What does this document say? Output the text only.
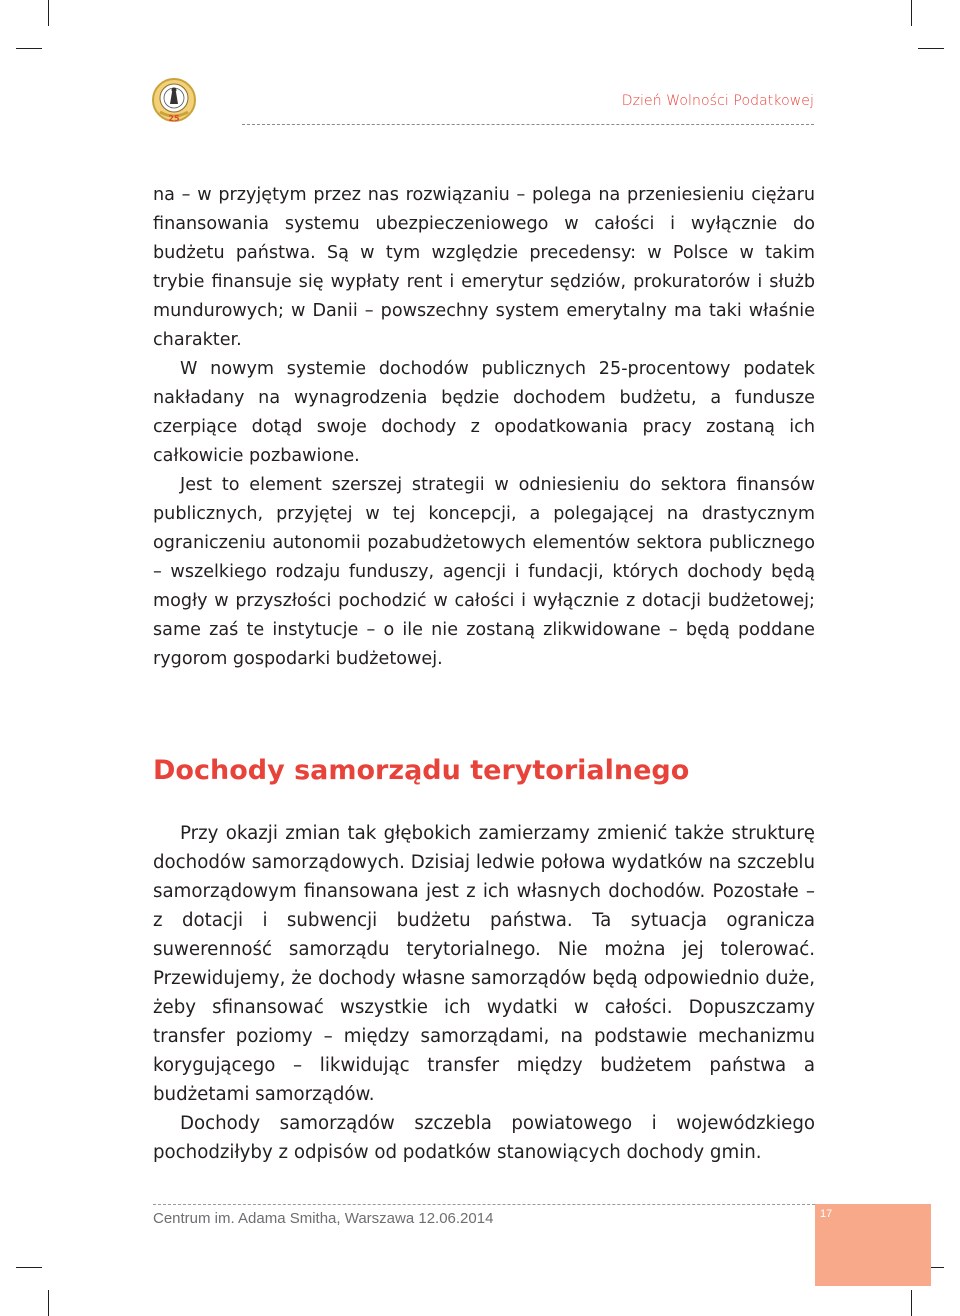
25
Dzień Wolności Podatkowej

na – w przyjętym przez nas rozwiązaniu – polega na przeniesieniu ciężaru finansowania systemu ubezpieczeniowego w całości i wyłącznie do budżetu państwa. Są w tym względzie precedensy: w Polsce w takim trybie finansuje się wypłaty rent i emerytur sędziów, prokuratorów i służb mundurowych; w Danii – powszechny system emerytalny ma taki właśnie charakter.

W nowym systemie dochodów publicznych 25-procentowy podatek nakładany na wynagrodzenia będzie dochodem budżetu, a fundusze czerpiące dotąd swoje dochody z opodatkowania pracy zostaną ich całkowicie pozbawione.

Jest to element szerszej strategii w odniesieniu do sektora finansów publicznych, przyjętej w tej koncepcji, a polegającej na drastycznym ograniczeniu autonomii pozabudżetowych elementów sektora publicznego – wszelkiego rodzaju funduszy, agencji i fundacji, których dochody będą mogły w przyszłości pochodzić w całości i wyłącznie z dotacji budżetowej; same zaś te instytucje – o ile nie zostaną zlikwidowane – będą poddane rygorom gospodarki budżetowej.

Dochody samorządu terytorialnego

Przy okazji zmian tak głębokich zamierzamy zmienić także strukturę dochodów samorządowych. Dzisiaj ledwie połowa wydatków na szczeblu samorządowym finansowana jest z ich własnych dochodów. Pozostałe – z dotacji i subwencji budżetu państwa. Ta sytuacja ogranicza suwerenność samorządu terytorialnego. Nie można jej tolerować. Przewidujemy, że dochody własne samorządów będą odpowiednio duże, żeby sfinansować wszystkie ich wydatki w całości. Dopuszczamy transfer poziomy – między samorządami, na podstawie mechanizmu korygującego – likwidując transfer między budżetem państwa a budżetami samorządów.

Dochody samorządów szczebla powiatowego i wojewódzkiego pochodziłyby z odpisów od podatków stanowiących dochody gmin.

Centrum im. Adama Smitha, Warszawa 12.06.2014	17
